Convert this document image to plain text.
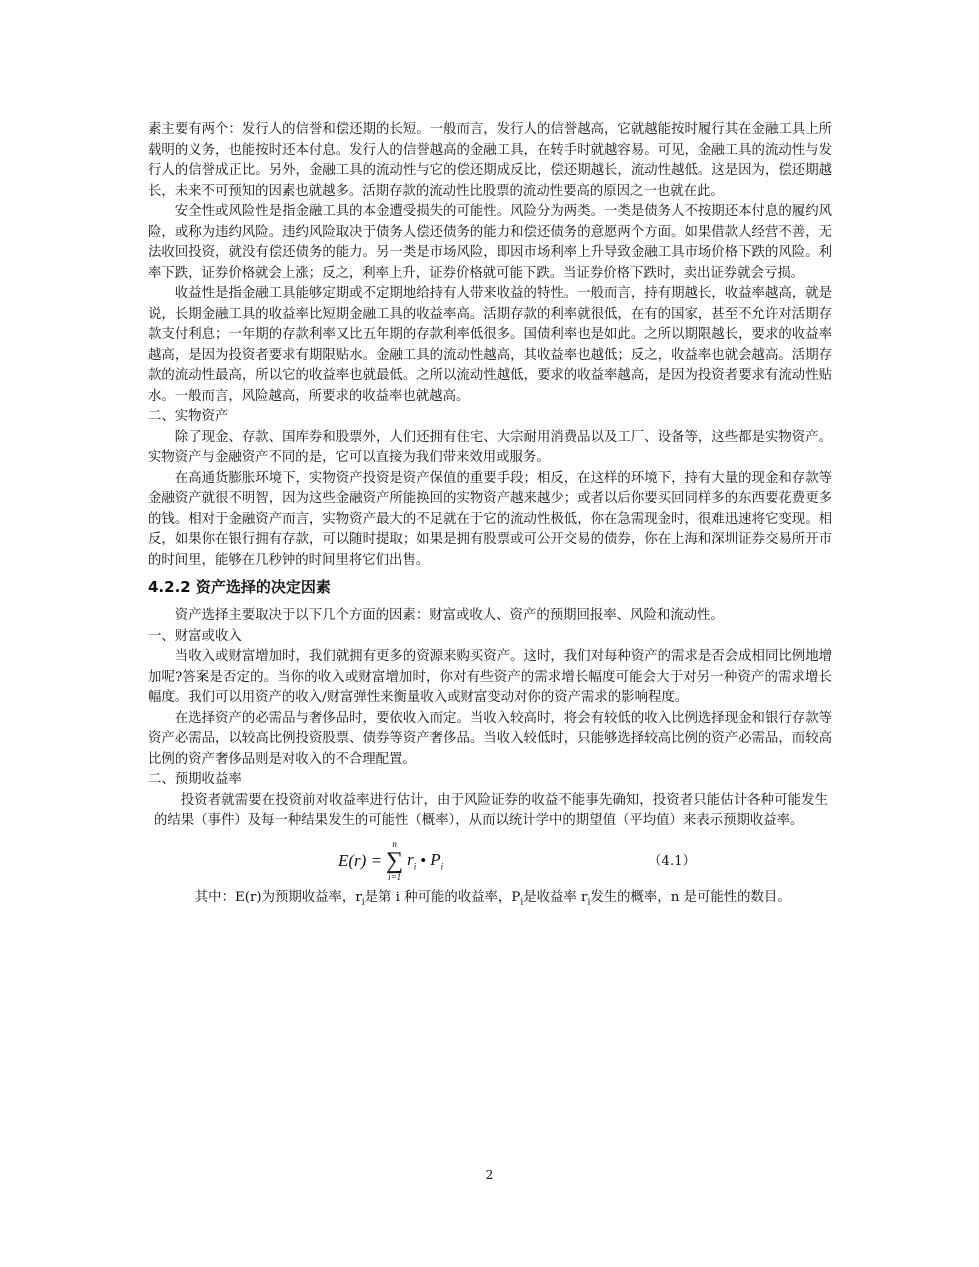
素主要有两个：发行人的信誉和偿还期的长短。一般而言，发行人的信誉越高，它就越能按时履行其在金融工具上所载明的义务，也能按时还本付息。发行人的信誉越高的金融工具，在转手时就越容易。可见，金融工具的流动性与发行人的信誉成正比。另外，金融工具的流动性与它的偿还期成反比，偿还期越长，流动性越低。这是因为，偿还期越长，未来不可预知的因素也就越多。活期存款的流动性比股票的流动性要高的原因之一也就在此。

安全性或风险性是指金融工具的本金遭受损失的可能性。风险分为两类。一类是债务人不按期还本付息的履约风险，或称为违约风险。违约风险取决于债务人偿还债务的能力和偿还债务的意愿两个方面。如果借款人经营不善，无法收回投资，就没有偿还债务的能力。另一类是市场风险，即因市场利率上升导致金融工具市场价格下跌的风险。利率下跌，证券价格就会上涨；反之，利率上升，证券价格就可能下跌。当证券价格下跌时，卖出证券就会亏损。

收益性是指金融工具能够定期或不定期地给持有人带来收益的特性。一般而言，持有期越长，收益率越高，就是说，长期金融工具的收益率比短期金融工具的收益率高。活期存款的利率就很低，在有的国家，甚至不允许对活期存款支付利息；一年期的存款利率又比五年期的存款利率低很多。国债利率也是如此。之所以期限越长，要求的收益率越高，是因为投资者要求有期限贴水。金融工具的流动性越高，其收益率也越低；反之，收益率也就会越高。活期存款的流动性最高，所以它的收益率也就最低。之所以流动性越低，要求的收益率越高，是因为投资者要求有流动性贴水。一般而言，风险越高，所要求的收益率也就越高。

二、实物资产

除了现金、存款、国库券和股票外，人们还拥有住宅、大宗耐用消费品以及工厂、设备等，这些都是实物资产。实物资产与金融资产不同的是，它可以直接为我们带来效用或服务。

在高通货膨胀环境下，实物资产投资是资产保值的重要手段；相反，在这样的环境下，持有大量的现金和存款等金融资产就很不明智，因为这些金融资产所能换回的实物资产越来越少；或者以后你要买回同样多的东西要花费更多的钱。相对于金融资产而言，实物资产最大的不足就在于它的流动性极低，你在急需现金时，很难迅速将它变现。相反，如果你在银行拥有存款，可以随时提取；如果是拥有股票或可公开交易的债券，你在上海和深圳证券交易所开市的时间里，能够在几秒钟的时间里将它们出售。

4.2.2 资产选择的决定因素

资产选择主要取决于以下几个方面的因素：财富或收人、资产的预期回报率、风险和流动性。

一、财富或收入

当收入或财富增加时，我们就拥有更多的资源来购买资产。这时，我们对每种资产的需求是否会成相同比例地增加呢?答案是否定的。当你的收入或财富增加时，你对有些资产的需求增长幅度可能会大于对另一种资产的需求增长幅度。我们可以用资产的收入/财富弹性来衡量收入或财富变动对你的资产需求的影响程度。

在选择资产的必需品与奢侈品时，要依收入而定。当收入较高时，将会有较低的收入比例选择现金和银行存款等资产必需品，以较高比例投资股票、债券等资产奢侈品。当收入较低时，只能够选择较高比例的资产必需品，而较高比例的资产奢侈品则是对收入的不合理配置。

二、预期收益率

投资者就需要在投资前对收益率进行估计，由于风险证券的收益不能事先确知，投资者只能估计各种可能发生的结果（事件）及每一种结果发生的可能性（概率），从而以统计学中的期望值（平均值）来表示预期收益率。

E(r) =
n
∑
i=1
$r_i$ • $P_i$	（4.1）

其中：E(r)为预期收益率，$r_i$是第 i 种可能的收益率，$P_i$是收益率 $r_i$发生的概率，n 是可能性的数目。

2
